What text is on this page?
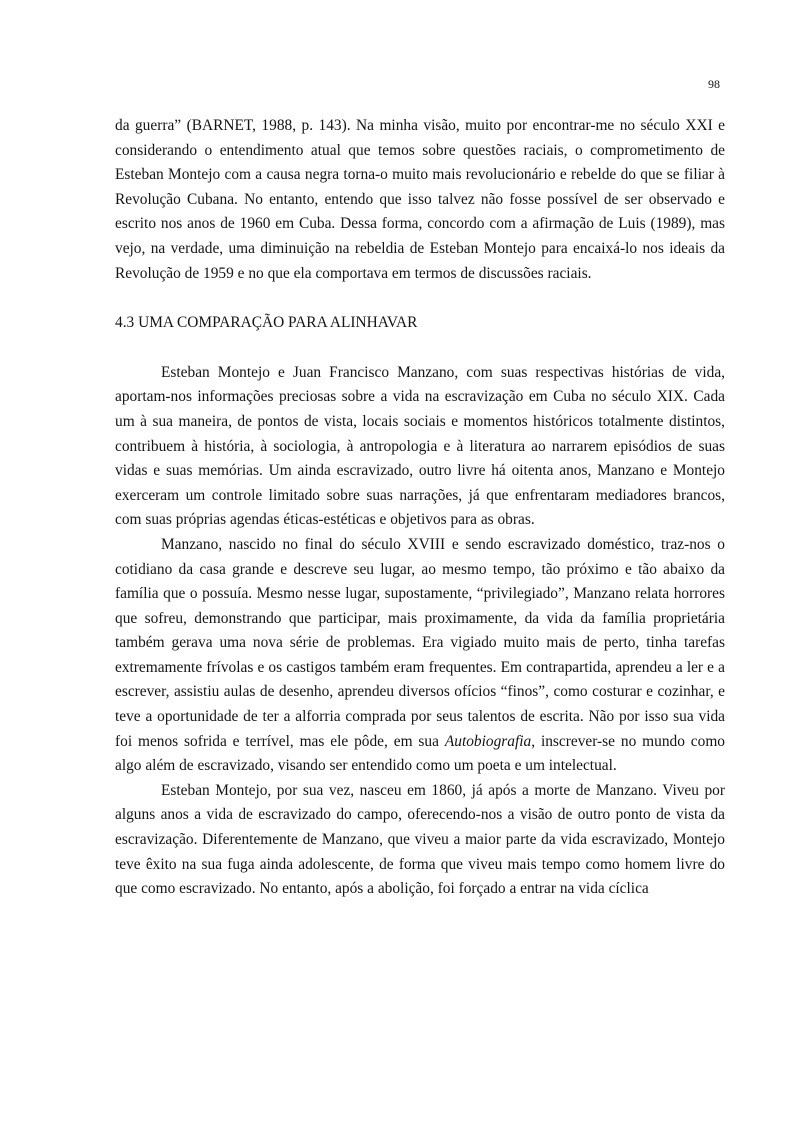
98

da guerra” (BARNET, 1988, p. 143). Na minha visão, muito por encontrar-me no século XXI e considerando o entendimento atual que temos sobre questões raciais, o comprometimento de Esteban Montejo com a causa negra torna-o muito mais revolucionário e rebelde do que se filiar à Revolução Cubana. No entanto, entendo que isso talvez não fosse possível de ser observado e escrito nos anos de 1960 em Cuba. Dessa forma, concordo com a afirmação de Luis (1989), mas vejo, na verdade, uma diminuição na rebeldia de Esteban Montejo para encaixá-lo nos ideais da Revolução de 1959 e no que ela comportava em termos de discussões raciais.

4.3 UMA COMPARAÇÃO PARA ALINHAVAR

Esteban Montejo e Juan Francisco Manzano, com suas respectivas histórias de vida, aportam-nos informações preciosas sobre a vida na escravização em Cuba no século XIX. Cada um à sua maneira, de pontos de vista, locais sociais e momentos históricos totalmente distintos, contribuem à história, à sociologia, à antropologia e à literatura ao narrarem episódios de suas vidas e suas memórias. Um ainda escravizado, outro livre há oitenta anos, Manzano e Montejo exerceram um controle limitado sobre suas narrações, já que enfrentaram mediadores brancos, com suas próprias agendas éticas-estéticas e objetivos para as obras.

Manzano, nascido no final do século XVIII e sendo escravizado doméstico, traz-nos o cotidiano da casa grande e descreve seu lugar, ao mesmo tempo, tão próximo e tão abaixo da família que o possuía. Mesmo nesse lugar, supostamente, “privilegiado”, Manzano relata horrores que sofreu, demonstrando que participar, mais proximamente, da vida da família proprietária também gerava uma nova série de problemas. Era vigiado muito mais de perto, tinha tarefas extremamente frívolas e os castigos também eram frequentes. Em contrapartida, aprendeu a ler e a escrever, assistiu aulas de desenho, aprendeu diversos ofícios “finos”, como costurar e cozinhar, e teve a oportunidade de ter a alforria comprada por seus talentos de escrita. Não por isso sua vida foi menos sofrida e terrível, mas ele pôde, em sua Autobiografia, inscrever-se no mundo como algo além de escravizado, visando ser entendido como um poeta e um intelectual.

Esteban Montejo, por sua vez, nasceu em 1860, já após a morte de Manzano. Viveu por alguns anos a vida de escravizado do campo, oferecendo-nos a visão de outro ponto de vista da escravização. Diferentemente de Manzano, que viveu a maior parte da vida escravizado, Montejo teve êxito na sua fuga ainda adolescente, de forma que viveu mais tempo como homem livre do que como escravizado. No entanto, após a abolição, foi forçado a entrar na vida cíclica
